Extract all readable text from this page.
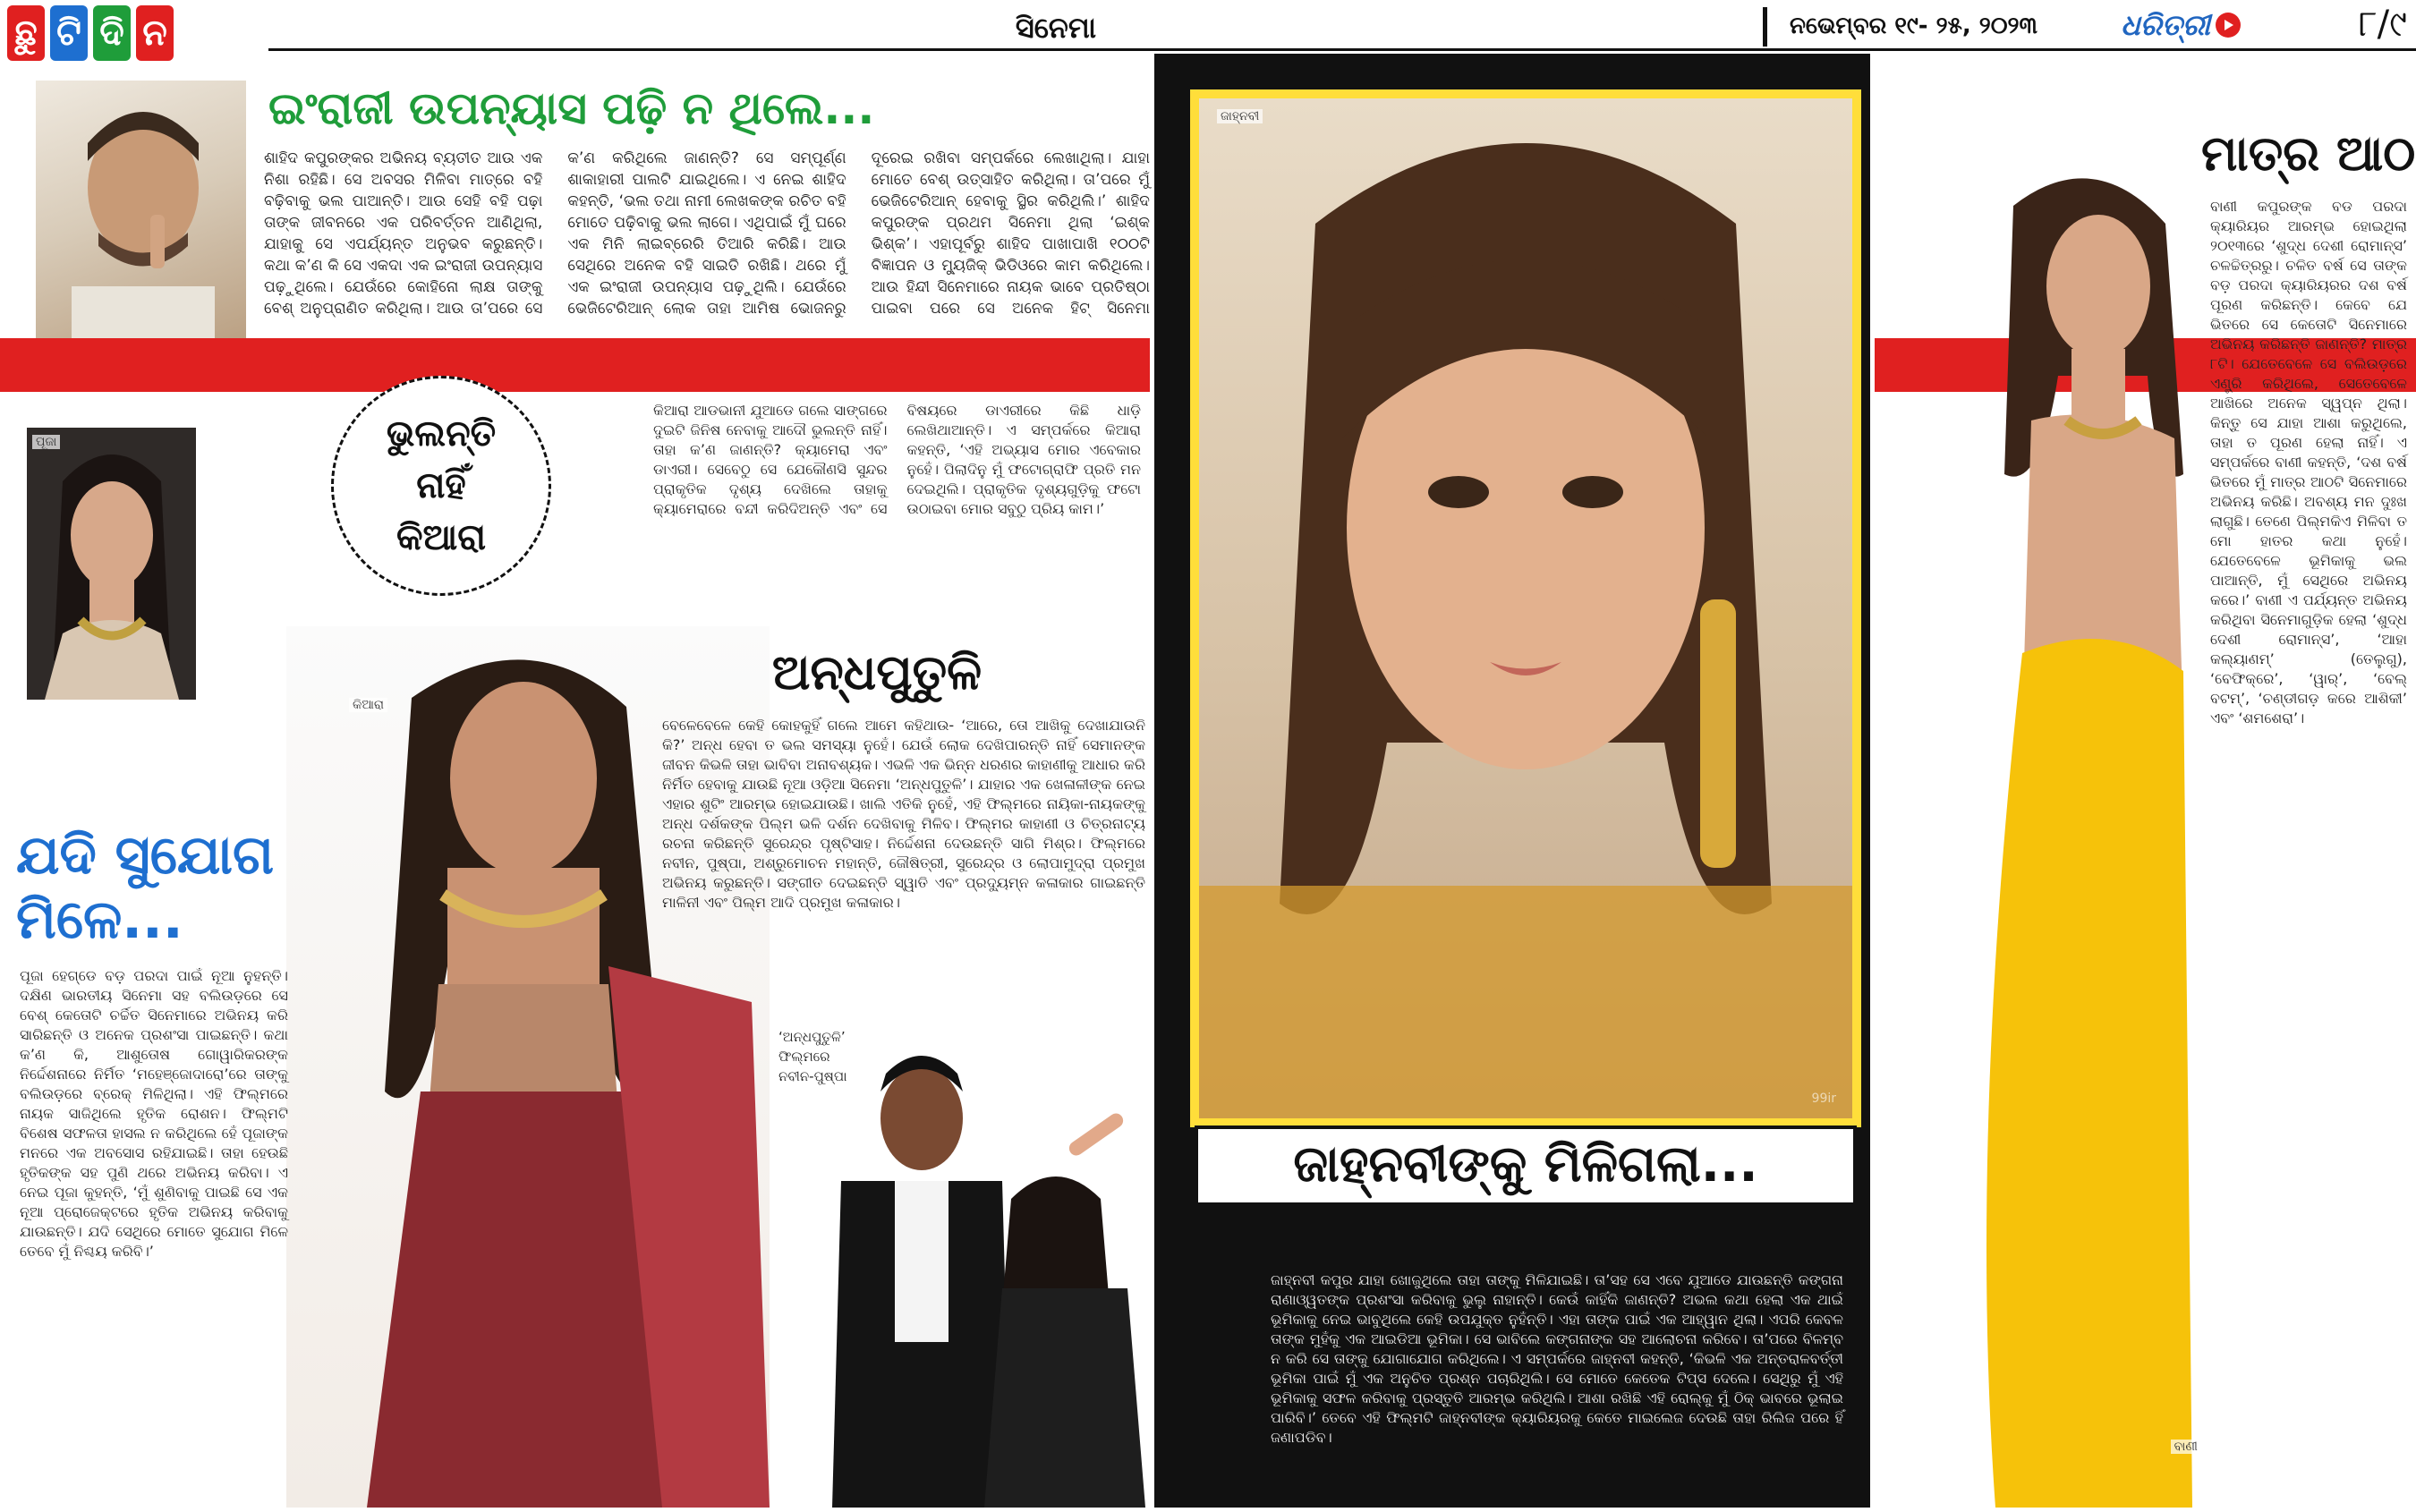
ଛୁ ଟି ଦି ନ	ସିନେମା	ନଭେମ୍ବର ୧୯- ୨୫, ୨୦୨୩	ଧରିତ୍ରୀ	୮/୯
ଇଂରାଜୀ ଉପନ୍ୟାସ ପଢ଼ି ନ ଥିଲେ...
ଶାହିଦ କପୁରଙ୍କର ଅଭିନୟ ବ୍ୟତୀତ ଆଉ ଏକ ନିଶା ରହିଛି। ସେ ଅବସର ମିଳିବା ମାତ୍ରେ ବହି ବଢ଼ିବାକୁ ଭଲ ପାଆନ୍ତି। ଆଉ ସେହି ବହି ପଢ଼ା ତାଙ୍କ ଜୀବନରେ ଏକ ପରିବର୍ତ୍ତନ ଆଣିଥିଲା, ଯାହାକୁ ସେ ଏପର୍ଯ୍ୟନ୍ତ ଅନୁଭବ କରୁଛନ୍ତି। କଥା କ’ଣ କି ସେ ଏକଦା ଏକ ଇଂରାଜୀ ଉପନ୍ୟାସ ପଢ଼ୁଥିଲେ। ଯେଉଁରେ କୋହିନୋ ଲାକ୍ଷ ତାଙ୍କୁ ବେଶ୍ ଅନୁପ୍ରାଣିତ କରିଥିଲା। ଆଉ ତା’ପରେ ସେ କ’ଣ କରିଥିଲେ ଜାଣନ୍ତି? ସେ ସମ୍ପୂର୍ଣ୍ଣ ଶାକାହାରୀ ପାଲଟି ଯାଇଥିଲେ। ଏ ନେଇ ଶାହିଦ କହନ୍ତି, ‘ଭଲ ତଥା ନାମୀ ଲେଖକଙ୍କ ରଚିତ ବହି ମୋତେ ପଢ଼ିବାକୁ ଭଲ ଲାଗେ। ଏଥିପାଇଁ ମୁଁ ଘରେ ଏକ ମିନି ଲାଇବ୍ରେରି ତିଆରି କରିଛି। ଆଉ ସେଥିରେ ଅନେକ ବହି ସାଇତି ରଖିଛି। ଥରେ ମୁଁ ଏକ ଇଂରାଜୀ ଉପନ୍ୟାସ ପଢ଼ୁଥିଲି। ଯେଉଁରେ ଭେଜିଟେରିଆନ୍ ଲୋକ ତାହା ଆମିଷ ଭୋଜନରୁ ଦୂରେଇ ରଖିବା ସମ୍ପର୍କରେ ଲେଖାଥିଲା। ଯାହା ମୋତେ ବେଶ୍ ଉତ୍ସାହିତ କରିଥିଲା। ତା’ପରେ ମୁଁ ଭେଜିଟେରିଆନ୍ ହେବାକୁ ସ୍ଥିର କରିଥିଲି।’ ଶାହିଦ କପୁରଙ୍କ ପ୍ରଥମ ସିନେମା ଥିଲା ‘ଇଶ୍କ ଭିଶ୍କ’। ଏହାପୂର୍ବରୁ ଶାହିଦ ପାଖାପାଖି ୧୦୦ଟି ବିଜ୍ଞାପନ ଓ ମ୍ୟୁଜିକ୍ ଭିଡିଓରେ କାମ କରିଥିଲେ। ଆଉ ହିନ୍ଦୀ ସିନେମାରେ ନାୟକ ଭାବେ ପ୍ରତିଷ୍ଠା ପାଇବା ପରେ ସେ ଅନେକ ହିଟ୍ ସିନେମା
ଜାହ୍ନବୀ
99ir
ଜାହ୍ନବୀଙ୍କୁ ମିଳିଗଲା...
ଜାହ୍ନବୀ କପୁର ଯାହା ଖୋଜୁଥିଲେ ତାହା ତାଙ୍କୁ ମିଳିଯାଇଛି। ତା’ସହ ସେ ଏବେ ଯୁଆଡେ ଯାଉଛନ୍ତି କଙ୍ଗନା ରାଣାଓ୍ୱତଙ୍କ ପ୍ରଶଂସା କରିବାକୁ ଭୁଲୁ ନାହାନ୍ତି। କେଉଁ କାହିଁକି ଜାଣନ୍ତି? ଅଭଲ କଥା ହେଲା ଏକ ଥାଇଁ ଭୂମିକାକୁ ନେଇ ଭାବୁଥିଲେ କେହି ଉପଯୁକ୍ତ ନୁହଁନ୍ତି। ଏହା ତାଙ୍କ ପାଇଁ ଏକ ଆହ୍ୱାନ ଥିଲା। ଏପରି କେବଳ ତାଙ୍କ ମୁହଁକୁ ଏକ ଆଇଡିଆ ଭୂମିକା। ସେ ଭାବିଲେ କଙ୍ଗନାଙ୍କ ସହ ଆଲୋଚନା କରିବେ। ତା’ପରେ ବିଳମ୍ବ ନ କରି ସେ ତାଙ୍କୁ ଯୋଗାଯୋଗ କରିଥିଲେ। ଏ ସମ୍ପର୍କରେ ଜାହ୍ନବୀ କହନ୍ତି, ‘କିଭଳି ଏକ ଅନ୍ତରାଳବର୍ତ୍ତୀ ଭୂମିକା ପାଇଁ ମୁଁ ଏକ ଅନୁଚିତ ପ୍ରଶ୍ନ ପଚାରିଥିଲି। ସେ ମୋତେ କେତେକ ଟିପ୍ସ ଦେଲେ। ସେଥିରୁ ମୁଁ ଏହି ଭୂମିକାକୁ ସଫଳ କରିବାକୁ ପ୍ରସ୍ତୁତି ଆରମ୍ଭ କରିଥିଲି। ଆଶା ରଖିଛି ଏହି ରୋଲ୍‌କୁ ମୁଁ ଠିକ୍ ଭାବରେ ଭୂଲାଇ ପାରିବି।’ ତେବେ ଏହି ଫିଲ୍ମଟି ଜାହ୍ନବୀଙ୍କ କ୍ୟାରିୟରକୁ କେତେ ମାଇଲେଜ ଦେଉଛି ତାହା ରିଲିଜ ପରେ ହିଁ ଜଣାପଡିବ।
ଭୁଲନ୍ତି
ନାହିଁ
କିଆରା
କିଆରା ଆଡଭାନୀ ଯୁଆଡେ ଗଲେ ସାଙ୍ଗରେ ଦୁଇଟି ଜିନିଷ ନେବାକୁ ଆଦୌ ଭୁଲନ୍ତି ନାହିଁ। ତାହା କ’ଣ ଜାଣନ୍ତି? କ୍ୟାମେରା ଏବଂ ଡାଏରୀ। ସେବେଠୁ ସେ ଯେକୌଣସି ସୁନ୍ଦର ପ୍ରାକୃତିକ ଦୃଶ୍ୟ ଦେଖିଲେ ତାହାକୁ କ୍ୟାମେରାରେ ବନ୍ଦୀ କରିଦିଅନ୍ତି ଏବଂ ସେ ବିଷୟରେ ଡାଏରୀରେ କିଛି ଧାଡ଼ି ଲେଖିଥାଆନ୍ତି। ଏ ସମ୍ପର୍କରେ କିଆରା କହନ୍ତି, ‘ଏହି ଅଭ୍ୟାସ ମୋର ଏବେକାର ନୁହେଁ। ପିଲାଦିନୁ ମୁଁ ଫଟୋଗ୍ରାଫି ପ୍ରତି ମନ ଦେଇଥିଲି। ପ୍ରାକୃତିକ ଦୃଶ୍ୟଗୁଡ଼ିକୁ ଫଟୋ ଉଠାଇବା ମୋର ସବୁଠୁ ପ୍ରିୟ କାମ।’
କିଆରା
ପୂଜା
ଯଦି ସୁଯୋଗ
ମିଳେ...
ପୂଜା ହେଗ୍ଡେ ବଡ଼ ପରଦା ପାଇଁ ନୂଆ ନୁହନ୍ତି। ଦକ୍ଷିଣ ଭାରତୀୟ ସିନେମା ସହ ବଲିଉଡ଼ରେ ସେ ବେଶ୍ କେତୋଟି ଚର୍ଚ୍ଚିତ ସିନେମାରେ ଅଭିନୟ କରି ସାରିଛନ୍ତି ଓ ଅନେକ ପ୍ରଶଂସା ପାଇଛନ୍ତି। କଥା କ’ଣ କି, ଆଶୁତୋଷ ଗୋୱାରିକରଙ୍କ ନିର୍ଦ୍ଦେଶନାରେ ନିର୍ମିତ ‘ମହେଞ୍ଜୋଦାରୋ’ରେ ତାଙ୍କୁ ବଲିଉଡ଼ରେ ବ୍ରେକ୍ ମିଳିଥିଲା। ଏହି ଫିଲ୍ମରେ ନାୟକ ସାଜିଥିଲେ ହୃତିକ ରୋଶନ। ଫିଲ୍ମଟି ବିଶେଷ ସଫଳତା ହାସଲ ନ କରିଥିଲେ ହେଁ ପୂଜାଙ୍କ ମନରେ ଏକ ଅବସୋସ ରହିଯାଇଛି। ତାହା ହେଉଛି ହୃତିକଙ୍କ ସହ ପୁଣି ଥରେ ଅଭିନୟ କରିବା। ଏ ନେଇ ପୂଜା କୁହନ୍ତି, ‘ମୁଁ ଶୁଣିବାକୁ ପାଇଛି ସେ ଏକ ନୂଆ ପ୍ରୋଜେକ୍ଟରେ ହୃତିକ ଅଭିନୟ କରିବାକୁ ଯାଉଛନ୍ତି। ଯଦି ସେଥିରେ ମୋତେ ସୁଯୋଗ ମିଳେ ତେବେ ମୁଁ ନିଶ୍ଚୟ କରିବି।’
ଅନ୍ଧପୁତୁଳି
ବେଳେବେଳେ କେହି କୋହକୁହିଁ ଗଲେ ଆମେ କହିଥାଉ- ‘ଆରେ, ତୋ ଆଖିକୁ ଦେଖାଯାଉନି କି?’ ଅନ୍ଧ ହେବା ତ ଭଲ ସମସ୍ୟା ନୁହେଁ। ଯେଉଁ ଲୋକ ଦେଖିପାରନ୍ତି ନାହିଁ ସେମାନଙ୍କ ଜୀବନ କିଭଳି ତାହା ଭାବିବା ଅନାବଶ୍ୟକ। ଏଭଳି ଏକ ଭିନ୍ନ ଧରଣର କାହାଣୀକୁ ଆଧାର କରି ନିର୍ମିତ ହେବାକୁ ଯାଉଛି ନୂଆ ଓଡ଼ିଆ ସିନେମା ‘ଅନ୍ଧପୁତୁଳି’। ଯାହାର ଏକ ଖେଳାଳୀଙ୍କ ନେଇ ଏହାର ଶୁଟିଂ ଆରମ୍ଭ ହୋଇଯାଉଛି। ଖାଲି ଏତିକି ନୁହେଁ, ଏହି ଫିଲ୍ମରେ ନାୟିକା-ନାୟକଙ୍କୁ ଅନ୍ଧ ଦର୍ଶକଙ୍କ ପିଲ୍ମ ଭଳି ଦର୍ଶନ ଦେଖିବାକୁ ମିଳିବ। ଫିଲ୍ମର କାହାଣୀ ଓ ଚିତ୍ରନାଟ୍ୟ ରଚନା କରିଛନ୍ତି ସୁରେନ୍ଦ୍ର ପୃଷ୍ଟିସାହ। ନିର୍ଦ୍ଦେଶନା ଦେଉଛନ୍ତି ସାଗି ମିଶ୍ର। ଫିଲ୍ମରେ ନବୀନ, ପୁଷ୍ପା, ଅଶ୍ରୁମୋଚନ ମହାନ୍ତି, ଜୌଷିତ୍ରୀ, ସୁରେନ୍ଦ୍ର ଓ ଲୋପାମୁଦ୍ରା ପ୍ରମୁଖ ଅଭିନୟ କରୁଛନ୍ତି। ସଙ୍ଗୀତ ଦେଇଛନ୍ତି ସ୍ୱାତି ଏବଂ ପ୍ରଦ୍ୟୁମ୍ନ କଳାକାର ଗାଇଛନ୍ତି ମାଳିନୀ ଏବଂ ପିଲ୍ମ ଆଦି ପ୍ରମୁଖ କଳାକାର।
‘ଅନ୍ଧପୁତୁଳି’
ଫିଲ୍ମରେ
ନବୀନ-ପୁଷ୍ପା
ମାତ୍ର ଆଠ
ବାଣୀ କପୁରଙ୍କ ବଡ ପରଦା କ୍ୟାରିୟର ଆରମ୍ଭ ହୋଇଥିଲା ୨୦୧୩ରେ ‘ଶୁଦ୍ଧ ଦେଶୀ ରୋମାନ୍ସ’ ଚଳଚ୍ଚିତ୍ରରୁ। ଚଳିତ ବର୍ଷ ସେ ତାଙ୍କ ବଡ଼ ପରଦା କ୍ୟାରିୟରର ଦଶ ବର୍ଷ ପୂରଣ କରିଛନ୍ତି। କେବେ ଯେ ଭିତରେ ସେ କେତୋଟି ସିନେମାରେ ଅଭିନୟ କରିଛନ୍ତି ଜାଣନ୍ତି? ମାତ୍ର ୮ଟି। ଯେତେବେଳେ ସେ ବଲିଉଡ଼ରେ ଏଣ୍ଟ୍ରି କରିଥିଲେ, ସେତେବେଳେ ଆଖିରେ ଅନେକ ସ୍ୱପ୍ନ ଥିଲା। କିନ୍ତୁ ସେ ଯାହା ଆଶା କରୁଥିଲେ, ତାହା ତ ପୂରଣ ହେଲା ନାହିଁ। ଏ ସମ୍ପର୍କରେ ବାଣୀ କହନ୍ତି, ‘ଦଶ ବର୍ଷ ଭିତରେ ମୁଁ ମାତ୍ର ଆଠଟି ସିନେମାରେ ଅଭିନୟ କରିଛି। ଅବଶ୍ୟ ମନ ଦୁଃଖ ଲାଗୁଛି। ତେଣେ ପିଲ୍ମକିଏ ମିଳିବା ତ ମୋ ହାତର କଥା ନୁହେଁ। ଯେତେବେଳେ ଭୂମିକାକୁ ଭଲ ପାଆନ୍ତି, ମୁଁ ସେଥିରେ ଅଭିନୟ କରେ।’ ବାଣୀ ଏ ପର୍ଯ୍ୟନ୍ତ ଅଭିନୟ କରିଥିବା ସିନେମାଗୁଡ଼ିକ ହେଲା ‘ଶୁଦ୍ଧ ଦେଶୀ ରୋମାନ୍ସ’, ‘ଆହା କଲ୍ୟାଣମ୍’ (ତେଲୁଗୁ), ‘ବେଫିକ୍ରେ’, ‘ୱାର୍’, ‘ବେଲ୍ ବଟମ୍’, ‘ଚଣ୍ଡୀଗଡ଼ କରେ ଆଶିକୀ’ ଏବଂ ‘ଶମଶେରା’।
ବାଣୀ
